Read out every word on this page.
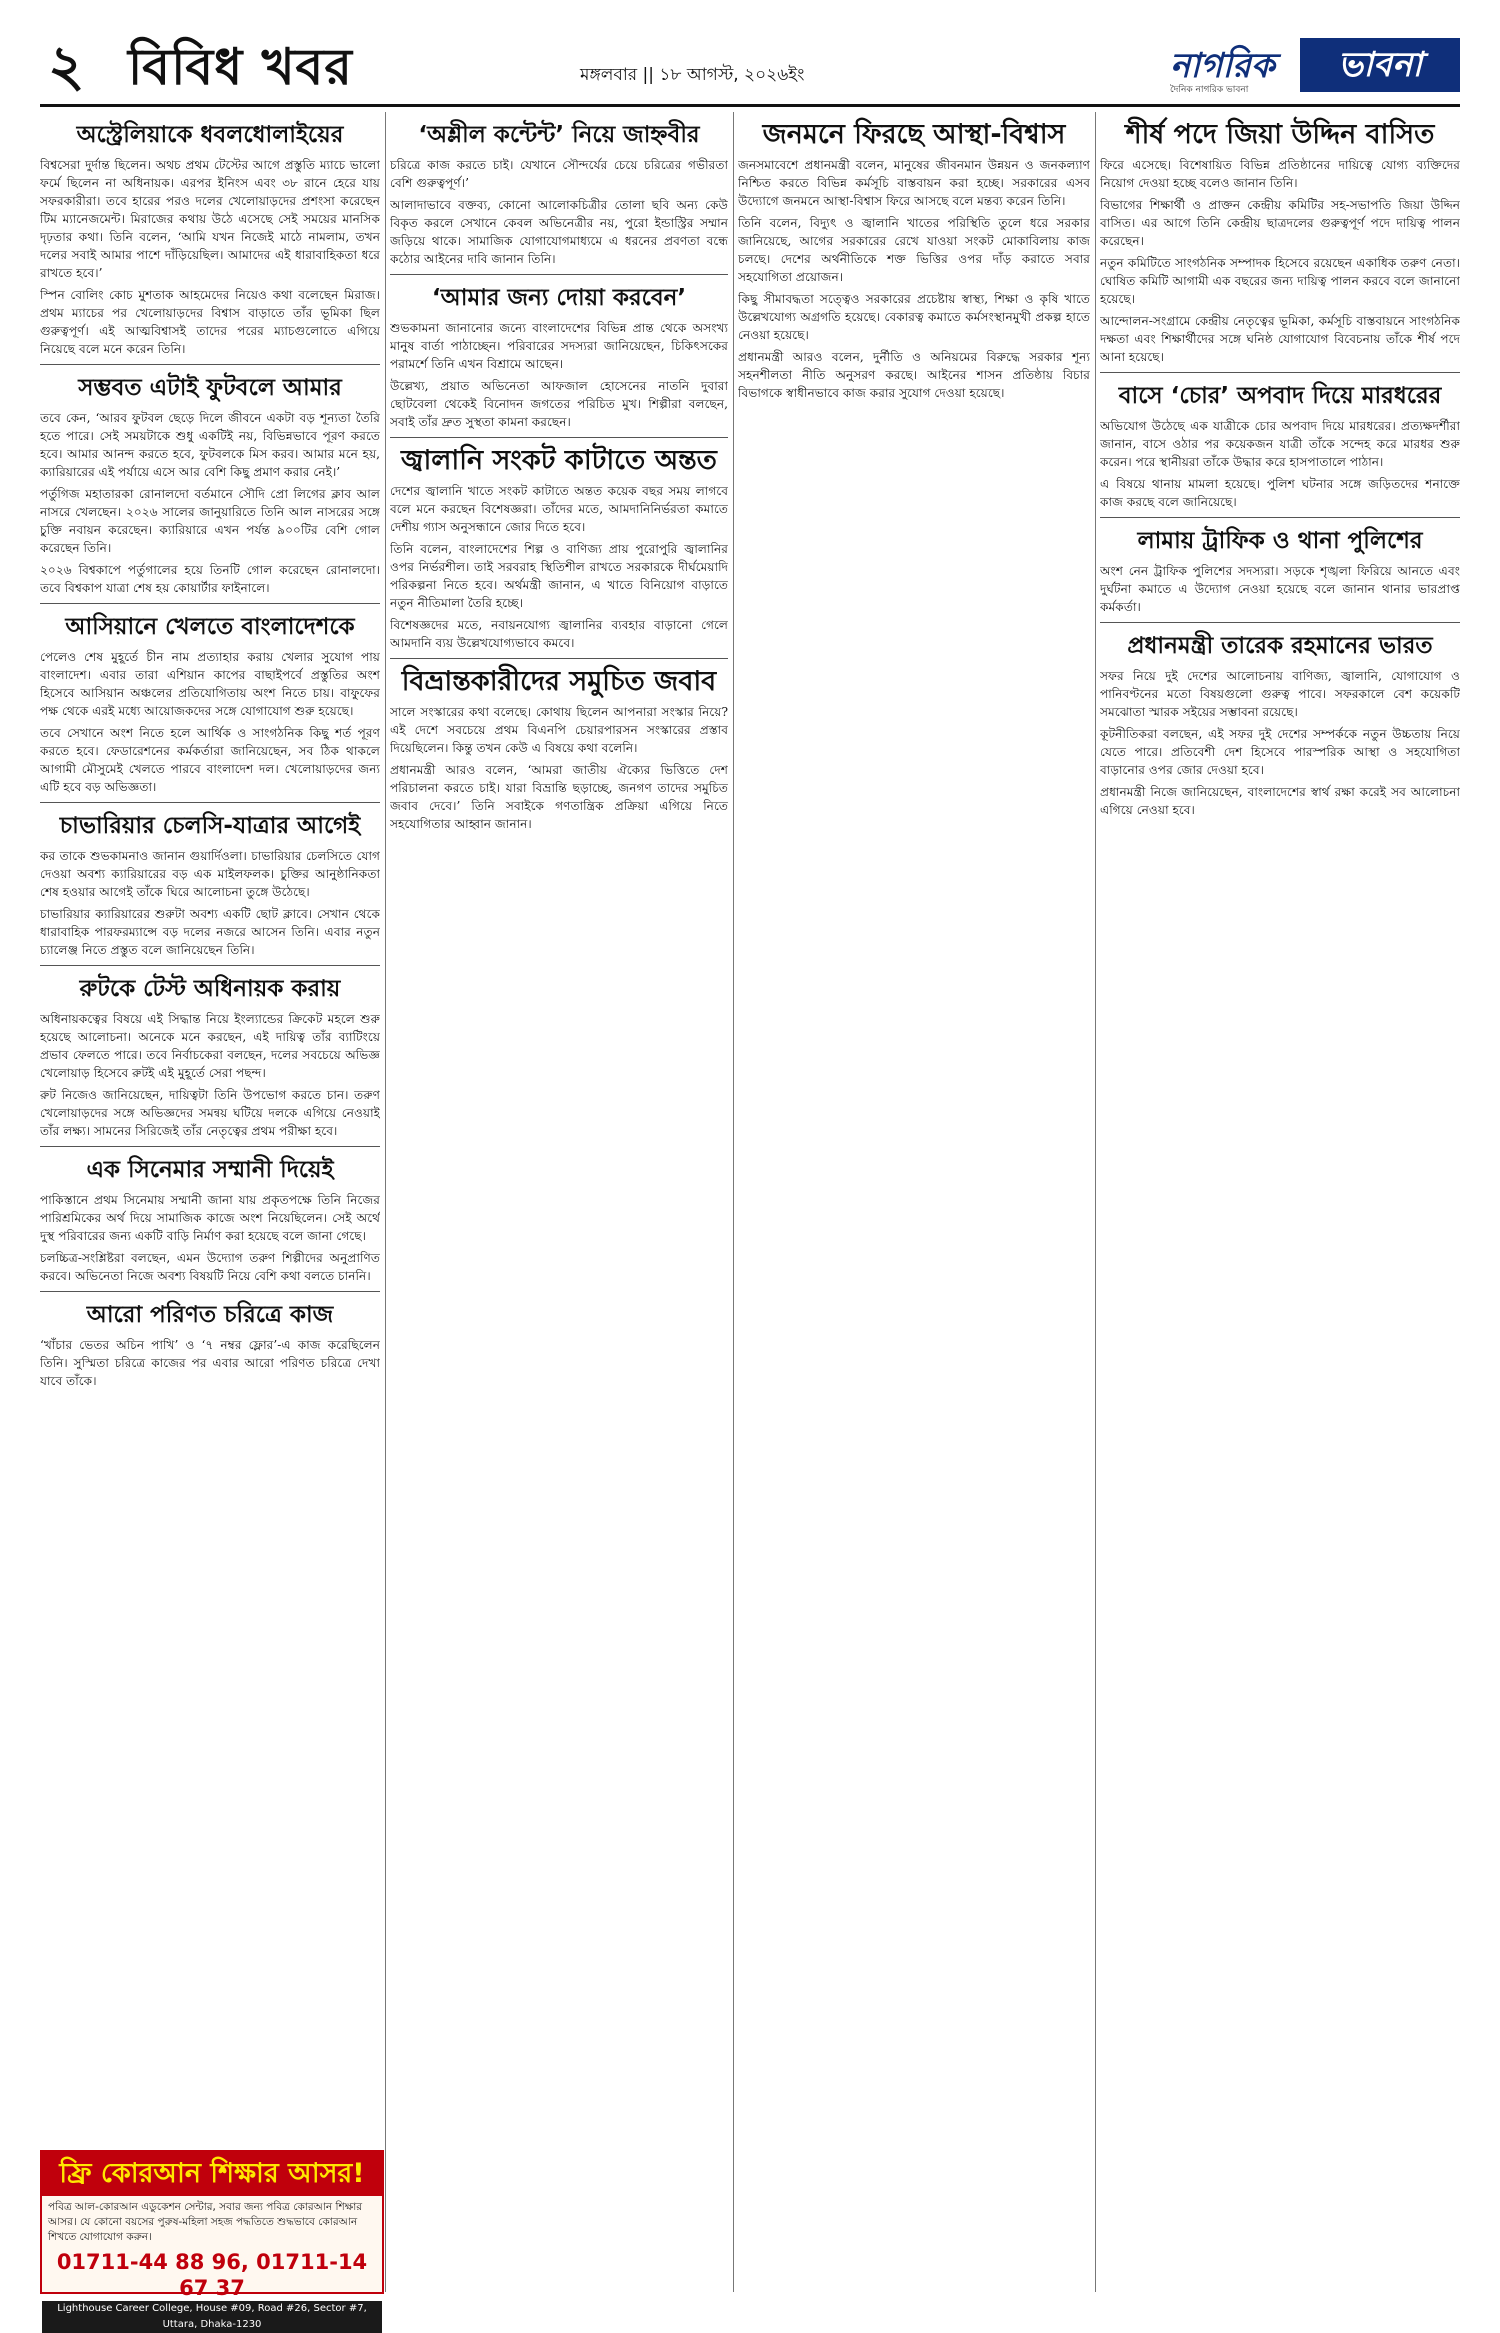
২ বিবিধ খবর	মঙ্গলবার || ১৮ আগস্ট, ২০২৬ইং	নাগরিক	ভাবনা
দৈনিক নাগরিক ভাবনা
অস্ট্রেলিয়াকে ধবলধোলাইয়ের

বিশ্বসেরা দুর্দান্ত ছিলেন। অথচ প্রথম টেস্টের আগে প্রস্তুতি ম্যাচে ভালো ফর্মে ছিলেন না অধিনায়ক। এরপর ইনিংস এবং ৩৮ রানে হেরে যায় সফরকারীরা। তবে হারের পরও দলের খেলোয়াড়দের প্রশংসা করেছেন টিম ম্যানেজমেন্ট। মিরাজের কথায় উঠে এসেছে সেই সময়ের মানসিক দৃঢ়তার কথা। তিনি বলেন, ‘আমি যখন নিজেই মাঠে নামলাম, তখন দলের সবাই আমার পাশে দাঁড়িয়েছিল। আমাদের এই ধারাবাহিকতা ধরে রাখতে হবে।’

স্পিন বোলিং কোচ মুশতাক আহমেদের নিয়েও কথা বলেছেন মিরাজ। প্রথম ম্যাচের পর খেলোয়াড়দের বিশ্বাস বাড়াতে তাঁর ভূমিকা ছিল গুরুত্বপূর্ণ। এই আত্মবিশ্বাসই তাদের পরের ম্যাচগুলোতে এগিয়ে নিয়েছে বলে মনে করেন তিনি।

সম্ভবত এটাই ফুটবলে আমার

তবে কেন, ‘আরব ফুটবল ছেড়ে দিলে জীবনে একটা বড় শূন্যতা তৈরি হতে পারে। সেই সময়টাকে শুধু একটিই নয়, বিভিন্নভাবে পূরণ করতে হবে। আমার আনন্দ করতে হবে, ফুটবলকে মিস করব। আমার মনে হয়, ক্যারিয়ারের এই পর্যায়ে এসে আর বেশি কিছু প্রমাণ করার নেই।’

পর্তুগিজ মহাতারকা রোনালদো বর্তমানে সৌদি প্রো লিগের ক্লাব আল নাসরে খেলছেন। ২০২৬ সালের জানুয়ারিতে তিনি আল নাসরের সঙ্গে চুক্তি নবায়ন করেছেন। ক্যারিয়ারে এখন পর্যন্ত ৯০০টির বেশি গোল করেছেন তিনি।

২০২৬ বিশ্বকাপে পর্তুগালের হয়ে তিনটি গোল করেছেন রোনালদো। তবে বিশ্বকাপ যাত্রা শেষ হয় কোয়ার্টার ফাইনালে।

আসিয়ানে খেলতে বাংলাদেশকে

পেলেও শেষ মুহূর্তে চীন নাম প্রত্যাহার করায় খেলার সুযোগ পায় বাংলাদেশ। এবার তারা এশিয়ান কাপের বাছাইপর্বে প্রস্তুতির অংশ হিসেবে আসিয়ান অঞ্চলের প্রতিযোগিতায় অংশ নিতে চায়। বাফুফের পক্ষ থেকে এরই মধ্যে আয়োজকদের সঙ্গে যোগাযোগ শুরু হয়েছে।

তবে সেখানে অংশ নিতে হলে আর্থিক ও সাংগঠনিক কিছু শর্ত পূরণ করতে হবে। ফেডারেশনের কর্মকর্তারা জানিয়েছেন, সব ঠিক থাকলে আগামী মৌসুমেই খেলতে পারবে বাংলাদেশ দল। খেলোয়াড়দের জন্য এটি হবে বড় অভিজ্ঞতা।

চাভারিয়ার চেলসি-যাত্রার আগেই

কর তাকে শুভকামনাও জানান গুয়ার্দিওলা। চাভারিয়ার চেলসিতে যোগ দেওয়া অবশ্য ক্যারিয়ারের বড় এক মাইলফলক। চুক্তির আনুষ্ঠানিকতা শেষ হওয়ার আগেই তাঁকে ঘিরে আলোচনা তুঙ্গে উঠেছে।

চাভারিয়ার ক্যারিয়ারের শুরুটা অবশ্য একটি ছোট ক্লাবে। সেখান থেকে ধারাবাহিক পারফরম্যান্সে বড় দলের নজরে আসেন তিনি। এবার নতুন চ্যালেঞ্জ নিতে প্রস্তুত বলে জানিয়েছেন তিনি।

রুটকে টেস্ট অধিনায়ক করায়

অধিনায়কত্বের বিষয়ে এই সিদ্ধান্ত নিয়ে ইংল্যান্ডের ক্রিকেট মহলে শুরু হয়েছে আলোচনা। অনেকে মনে করছেন, এই দায়িত্ব তাঁর ব্যাটিংয়ে প্রভাব ফেলতে পারে। তবে নির্বাচকেরা বলছেন, দলের সবচেয়ে অভিজ্ঞ খেলোয়াড় হিসেবে রুটই এই মুহূর্তে সেরা পছন্দ।

রুট নিজেও জানিয়েছেন, দায়িত্বটা তিনি উপভোগ করতে চান। তরুণ খেলোয়াড়দের সঙ্গে অভিজ্ঞদের সমন্বয় ঘটিয়ে দলকে এগিয়ে নেওয়াই তাঁর লক্ষ্য। সামনের সিরিজেই তাঁর নেতৃত্বের প্রথম পরীক্ষা হবে।

এক সিনেমার সম্মানী দিয়েই

পাকিস্তানে প্রথম সিনেমায় সম্মানী জানা যায় প্রকৃতপক্ষে তিনি নিজের পারিশ্রমিকের অর্থ দিয়ে সামাজিক কাজে অংশ নিয়েছিলেন। সেই অর্থে দুস্থ পরিবারের জন্য একটি বাড়ি নির্মাণ করা হয়েছে বলে জানা গেছে।

চলচ্চিত্র-সংশ্লিষ্টরা বলছেন, এমন উদ্যোগ তরুণ শিল্পীদের অনুপ্রাণিত করবে। অভিনেতা নিজে অবশ্য বিষয়টি নিয়ে বেশি কথা বলতে চাননি।

আরো পরিণত চরিত্রে কাজ

‘খাঁচার ভেতর অচিন পাখি’ ও ‘৭ নম্বর ফ্লোর’-এ কাজ করেছিলেন তিনি। সুস্মিতা চরিত্রে কাজের পর এবার আরো পরিণত চরিত্রে দেখা যাবে তাঁকে।

ফ্রি কোরআন শিক্ষার আসর!
পবিত্র আল-কোরআন এডুকেশন সেন্টার, সবার জন্য পবিত্র কোরআন শিক্ষার আসর। যে কোনো বয়সের পুরুষ-মহিলা সহজ পদ্ধতিতে শুদ্ধভাবে কোরআন শিখতে যোগাযোগ করুন।
01711-44 88 96, 01711-14 67 37
Lighthouse Career College, House #09, Road #26, Sector #7, Uttara, Dhaka-1230
‘অশ্লীল কন্টেন্ট’ নিয়ে জাহ্নবীর

চরিত্রে কাজ করতে চাই। যেখানে সৌন্দর্যের চেয়ে চরিত্রের গভীরতা বেশি গুরুত্বপূর্ণ।’

আলাদাভাবে বক্তব্য, কোনো আলোকচিত্রীর তোলা ছবি অন্য কেউ বিকৃত করলে সেখানে কেবল অভিনেত্রীর নয়, পুরো ইন্ডাস্ট্রির সম্মান জড়িয়ে থাকে। সামাজিক যোগাযোগমাধ্যমে এ ধরনের প্রবণতা বন্ধে কঠোর আইনের দাবি জানান তিনি।

‘আমার জন্য দোয়া করবেন’

শুভকামনা জানানোর জন্যে বাংলাদেশের বিভিন্ন প্রান্ত থেকে অসংখ্য মানুষ বার্তা পাঠাচ্ছেন। পরিবারের সদস্যরা জানিয়েছেন, চিকিৎসকের পরামর্শে তিনি এখন বিশ্রামে আছেন।

উল্লেখ্য, প্রয়াত অভিনেতা আফজাল হোসেনের নাতনি দুবারা ছোটবেলা থেকেই বিনোদন জগতের পরিচিত মুখ। শিল্পীরা বলছেন, সবাই তাঁর দ্রুত সুস্থতা কামনা করছেন।

জ্বালানি সংকট কাটাতে অন্তত

দেশের জ্বালানি খাতে সংকট কাটাতে অন্তত কয়েক বছর সময় লাগবে বলে মনে করছেন বিশেষজ্ঞরা। তাঁদের মতে, আমদানিনির্ভরতা কমাতে দেশীয় গ্যাস অনুসন্ধানে জোর দিতে হবে।

তিনি বলেন, বাংলাদেশের শিল্প ও বাণিজ্য প্রায় পুরোপুরি জ্বালানির ওপর নির্ভরশীল। তাই সরবরাহ স্থিতিশীল রাখতে সরকারকে দীর্ঘমেয়াদি পরিকল্পনা নিতে হবে। অর্থমন্ত্রী জানান, এ খাতে বিনিয়োগ বাড়াতে নতুন নীতিমালা তৈরি হচ্ছে।

বিশেষজ্ঞদের মতে, নবায়নযোগ্য জ্বালানির ব্যবহার বাড়ানো গেলে আমদানি ব্যয় উল্লেখযোগ্যভাবে কমবে।

বিভ্রান্তকারীদের সমুচিত জবাব

সালে সংস্কারের কথা বলেছে। কোথায় ছিলেন আপনারা সংস্কার নিয়ে? এই দেশে সবচেয়ে প্রথম বিএনপি চেয়ারপারসন সংস্কারের প্রস্তাব দিয়েছিলেন। কিন্তু তখন কেউ এ বিষয়ে কথা বলেনি।

প্রধানমন্ত্রী আরও বলেন, ‘আমরা জাতীয় ঐক্যের ভিত্তিতে দেশ পরিচালনা করতে চাই। যারা বিভ্রান্তি ছড়াচ্ছে, জনগণ তাদের সমুচিত জবাব দেবে।’ তিনি সবাইকে গণতান্ত্রিক প্রক্রিয়া এগিয়ে নিতে সহযোগিতার আহ্বান জানান।

জনমনে ফিরছে আস্থা-বিশ্বাস

জনসমাবেশে প্রধানমন্ত্রী বলেন, মানুষের জীবনমান উন্নয়ন ও জনকল্যাণ নিশ্চিত করতে বিভিন্ন কর্মসূচি বাস্তবায়ন করা হচ্ছে। সরকারের এসব উদ্যোগে জনমনে আস্থা-বিশ্বাস ফিরে আসছে বলে মন্তব্য করেন তিনি।

তিনি বলেন, বিদ্যুৎ ও জ্বালানি খাতের পরিস্থিতি তুলে ধরে সরকার জানিয়েছে, আগের সরকারের রেখে যাওয়া সংকট মোকাবিলায় কাজ চলছে। দেশের অর্থনীতিকে শক্ত ভিত্তির ওপর দাঁড় করাতে সবার সহযোগিতা প্রয়োজন।

কিছু সীমাবদ্ধতা সত্ত্বেও সরকারের প্রচেষ্টায় স্বাস্থ্য, শিক্ষা ও কৃষি খাতে উল্লেখযোগ্য অগ্রগতি হয়েছে। বেকারত্ব কমাতে কর্মসংস্থানমুখী প্রকল্প হাতে নেওয়া হয়েছে।

প্রধানমন্ত্রী আরও বলেন, দুর্নীতি ও অনিয়মের বিরুদ্ধে সরকার শূন্য সহনশীলতা নীতি অনুসরণ করছে। আইনের শাসন প্রতিষ্ঠায় বিচার বিভাগকে স্বাধীনভাবে কাজ করার সুযোগ দেওয়া হয়েছে।

শীর্ষ পদে জিয়া উদ্দিন বাসিত

ফিরে এসেছে। বিশেষায়িত বিভিন্ন প্রতিষ্ঠানের দায়িত্বে যোগ্য ব্যক্তিদের নিয়োগ দেওয়া হচ্ছে বলেও জানান তিনি।

বিভাগের শিক্ষার্থী ও প্রাক্তন কেন্দ্রীয় কমিটির সহ-সভাপতি জিয়া উদ্দিন বাসিত। এর আগে তিনি কেন্দ্রীয় ছাত্রদলের গুরুত্বপূর্ণ পদে দায়িত্ব পালন করেছেন।

নতুন কমিটিতে সাংগঠনিক সম্পাদক হিসেবে রয়েছেন একাধিক তরুণ নেতা। ঘোষিত কমিটি আগামী এক বছরের জন্য দায়িত্ব পালন করবে বলে জানানো হয়েছে।

আন্দোলন-সংগ্রামে কেন্দ্রীয় নেতৃত্বের ভূমিকা, কর্মসূচি বাস্তবায়নে সাংগঠনিক দক্ষতা এবং শিক্ষার্থীদের সঙ্গে ঘনিষ্ঠ যোগাযোগ বিবেচনায় তাঁকে শীর্ষ পদে আনা হয়েছে।

বাসে ‘চোর’ অপবাদ দিয়ে মারধরের

অভিযোগ উঠেছে এক যাত্রীকে চোর অপবাদ দিয়ে মারধরের। প্রত্যক্ষদর্শীরা জানান, বাসে ওঠার পর কয়েকজন যাত্রী তাঁকে সন্দেহ করে মারধর শুরু করেন। পরে স্থানীয়রা তাঁকে উদ্ধার করে হাসপাতালে পাঠান।

এ বিষয়ে থানায় মামলা হয়েছে। পুলিশ ঘটনার সঙ্গে জড়িতদের শনাক্তে কাজ করছে বলে জানিয়েছে।

লামায় ট্রাফিক ও থানা পুলিশের

অংশ নেন ট্রাফিক পুলিশের সদস্যরা। সড়কে শৃঙ্খলা ফিরিয়ে আনতে এবং দুর্ঘটনা কমাতে এ উদ্যোগ নেওয়া হয়েছে বলে জানান থানার ভারপ্রাপ্ত কর্মকর্তা।

প্রধানমন্ত্রী তারেক রহমানের ভারত

সফর নিয়ে দুই দেশের আলোচনায় বাণিজ্য, জ্বালানি, যোগাযোগ ও পানিবণ্টনের মতো বিষয়গুলো গুরুত্ব পাবে। সফরকালে বেশ কয়েকটি সমঝোতা স্মারক সইয়ের সম্ভাবনা রয়েছে।

কূটনীতিকরা বলছেন, এই সফর দুই দেশের সম্পর্ককে নতুন উচ্চতায় নিয়ে যেতে পারে। প্রতিবেশী দেশ হিসেবে পারস্পরিক আস্থা ও সহযোগিতা বাড়ানোর ওপর জোর দেওয়া হবে।

প্রধানমন্ত্রী নিজে জানিয়েছেন, বাংলাদেশের স্বার্থ রক্ষা করেই সব আলোচনা এগিয়ে নেওয়া হবে।
